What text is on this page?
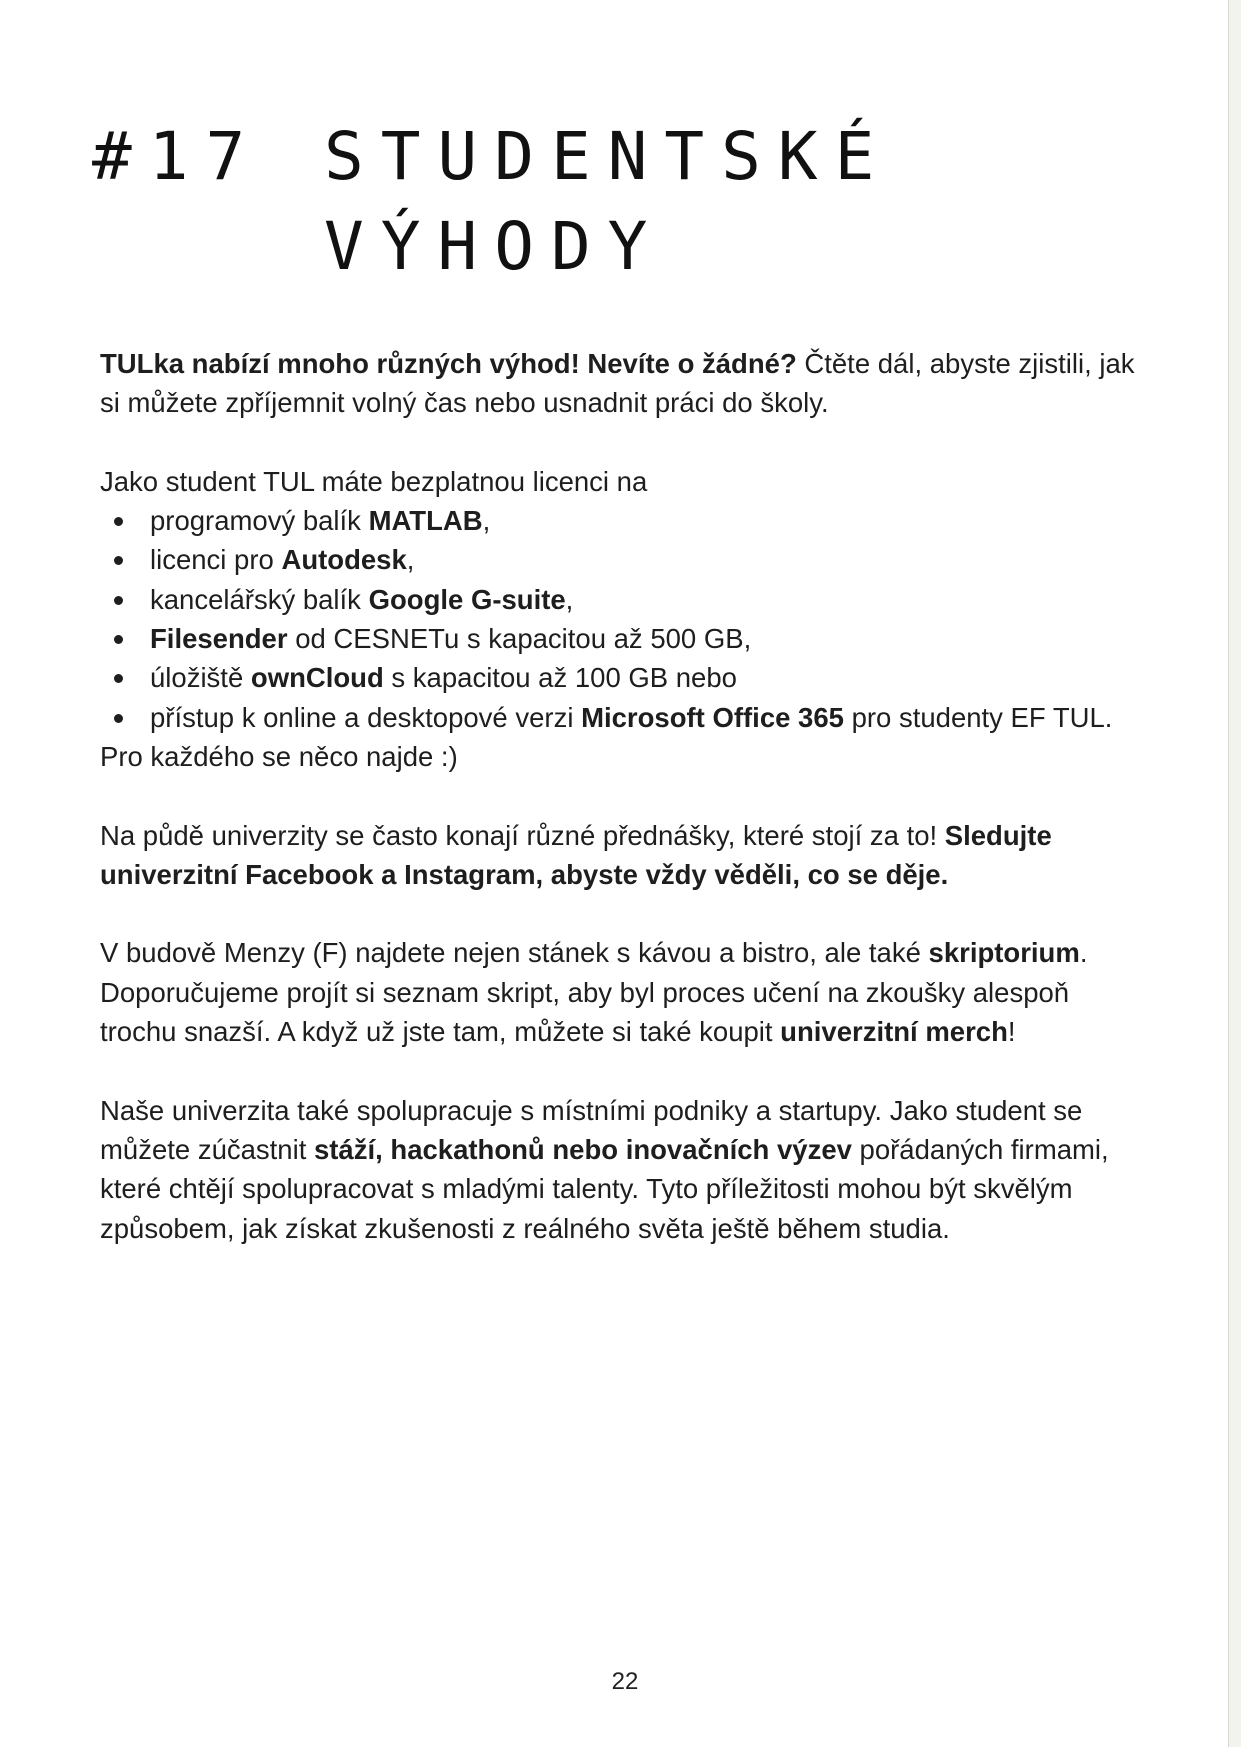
#17 STUDENTSKÉ
VÝHODY

TULka nabízí mnoho různých výhod! Nevíte o žádné? Čtěte dál, abyste zjistili, jak si můžete zpříjemnit volný čas nebo usnadnit práci do školy.

Jako student TUL máte bezplatnou licenci na

programový balík MATLAB,
licenci pro Autodesk,
kancelářský balík Google G-suite,
Filesender od CESNETu s kapacitou až 500 GB,
úložiště ownCloud s kapacitou až 100 GB nebo
přístup k online a desktopové verzi Microsoft Office 365 pro studenty EF TUL.

Pro každého se něco najde :)

Na půdě univerzity se často konají různé přednášky, které stojí za to! Sledujte univerzitní Facebook a Instagram, abyste vždy věděli, co se děje.

V budově Menzy (F) najdete nejen stánek s kávou a bistro, ale také skriptorium. Doporučujeme projít si seznam skript, aby byl proces učení na zkoušky alespoň trochu snazší. A když už jste tam, můžete si také koupit univerzitní merch!

Naše univerzita také spolupracuje s místními podniky a startupy. Jako student se můžete zúčastnit stáží, hackathonů nebo inovačních výzev pořádaných firmami, které chtějí spolupracovat s mladými talenty. Tyto příležitosti mohou být skvělým způsobem, jak získat zkušenosti z reálného světa ještě během studia.

22
